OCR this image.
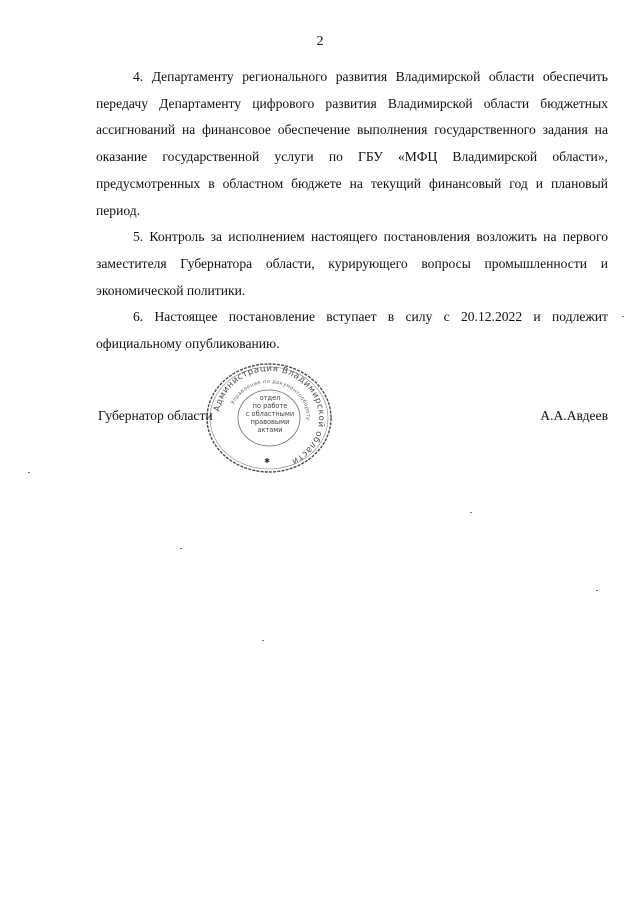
2

4. Департаменту регионального развития Владимирской области обеспечить передачу Департаменту цифрового развития Владимирской области бюджетных ассигнований на финансовое обеспечение выполнения государственного задания на оказание государственной услуги по ГБУ «МФЦ Владимирской области», предусмотренных в областном бюджете на текущий финансовый год и плановый период.

5. Контроль за исполнением настоящего постановления возложить на первого заместителя Губернатора области, курирующего вопросы промышленности и экономической политики.

6. Настоящее постановление вступает в силу с 20.12.2022 и подлежит официальному опубликованию.

Губернатор области	А.А.Авдеев
Администрация Владимирской области
Управление по документообороту
отдел
по работе
с областными
правовыми
актами
✱
